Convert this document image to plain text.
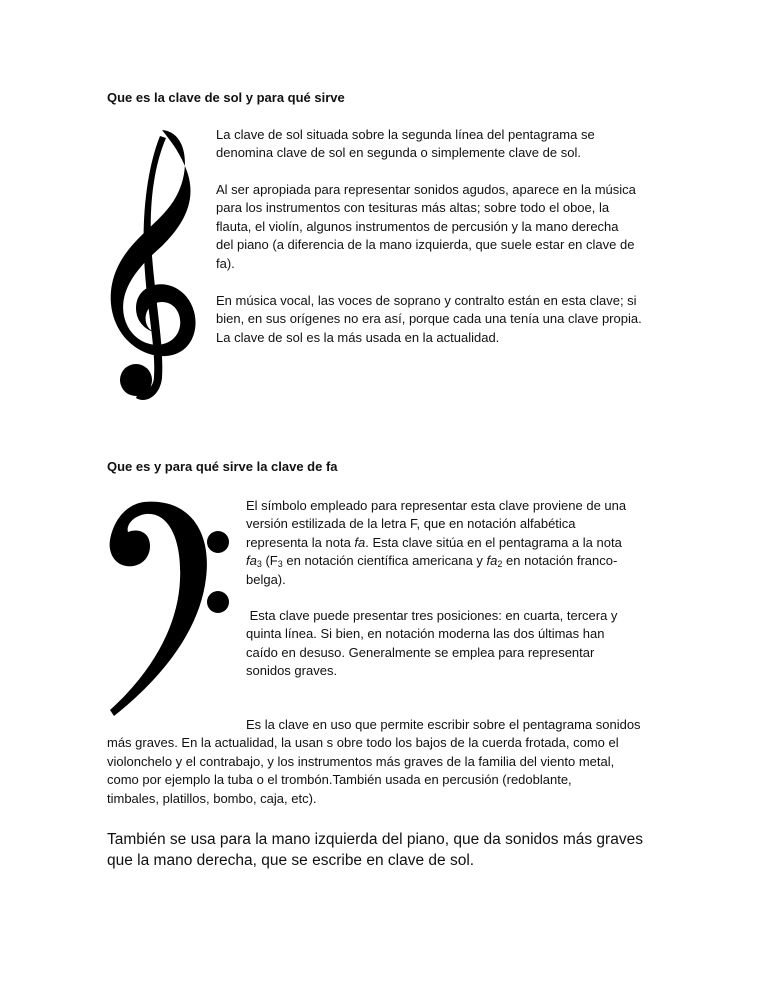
Que es la clave de sol y para qué sirve
La clave de sol situada sobre la segunda línea del pentagrama se
denomina clave de sol en segunda o simplemente clave de sol.
Al ser apropiada para representar sonidos agudos, aparece en la música
para los instrumentos con tesituras más altas; sobre todo el oboe, la
flauta, el violín, algunos instrumentos de percusión y la mano derecha
del piano (a diferencia de la mano izquierda, que suele estar en clave de
fa).
En música vocal, las voces de soprano y contralto están en esta clave; si
bien, en sus orígenes no era así, porque cada una tenía una clave propia.
La clave de sol es la más usada en la actualidad.
Que es y para qué sirve la clave de fa
El símbolo empleado para representar esta clave proviene de una
versión estilizada de la letra F, que en notación alfabética
representa la nota fa. Esta clave sitúa en el pentagrama a la nota
$fa_3$ ($F_3$ en notación científica americana y $fa_2$ en notación franco-
belga).
Esta clave puede presentar tres posiciones: en cuarta, tercera y
quinta línea. Si bien, en notación moderna las dos últimas han
caído en desuso. Generalmente se emplea para representar
sonidos graves.
Es la clave en uso que permite escribir sobre el pentagrama sonidos
más graves. En la actualidad, la usan s obre todo los bajos de la cuerda frotada, como el
violonchelo y el contrabajo, y los instrumentos más graves de la familia del viento metal,
como por ejemplo la tuba o el trombón.También usada en percusión (redoblante,
timbales, platillos, bombo, caja, etc).
También se usa para la mano izquierda del piano, que da sonidos más graves
que la mano derecha, que se escribe en clave de sol.
